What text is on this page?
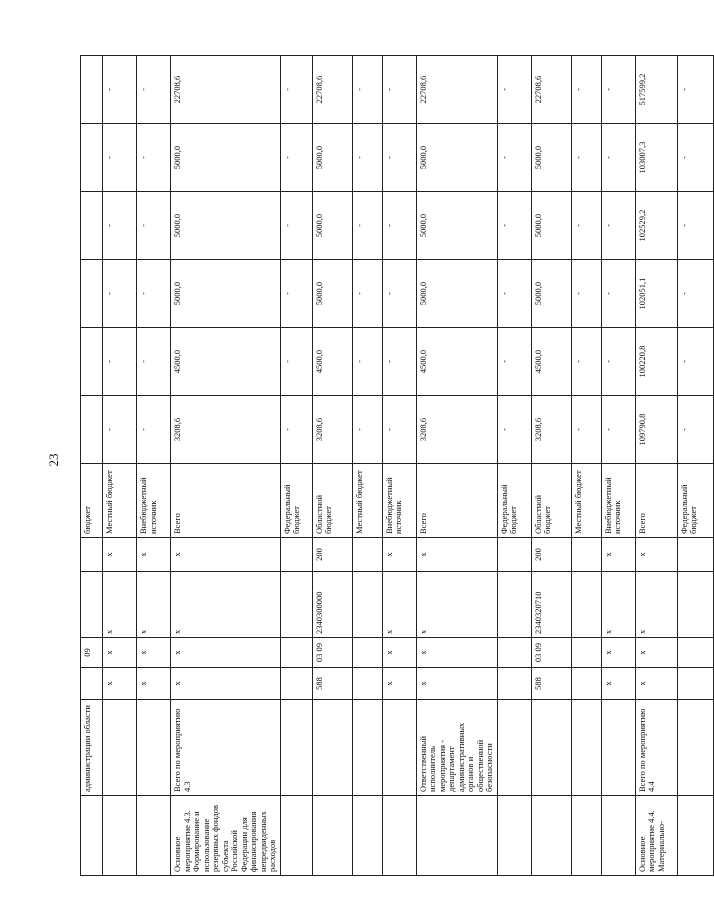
23
	администрации области		09			бюджет						
		x	x	x	x	Местный бюджет	-	-	-	-	-	-
		x	x	x	x	Внебюджетный источник	-	-	-	-	-	-
Основное мероприятие 4.3. Формирование и использование резервных фондов субъекта Российской Федерации для финансирования непредвиденных расходов	Всего по мероприятию 4.3	x	x	x	x	Всего	3208,6	4500,0	5000,0	5000,0	5000,0	22708,6
						Федеральный бюджет	-	-	-	-	-	-
		588	03 09	2340300000	200	Областной бюджет	3208,6	4500,0	5000,0	5000,0	5000,0	22708,6
						Местный бюджет	-	-	-	-	-	-
		x	x	x	x	Внебюджетный источник	-	-	-	-	-	-
	Ответственный исполнитель мероприятия - департамент административных органов и общественной безопасности	x	x	x	x	Всего	3208,6	4500,0	5000,0	5000,0	5000,0	22708,6
						Федеральный бюджет	-	-	-	-	-	-
		588	03 09	2340320710	200	Областной бюджет	3208,6	4500,0	5000,0	5000,0	5000,0	22708,6
						Местный бюджет	-	-	-	-	-	-
		x	x	x	x	Внебюджетный источник	-	-	-	-	-	-
Основное мероприятие 4.4. Материально-	Всего по мероприятию 4.4	x	x	x	x	Всего	109790,8	100220,8	102051,1	102529,2	103007,3	517599,2
						Федеральный бюджет	-	-	-	-	-	-
